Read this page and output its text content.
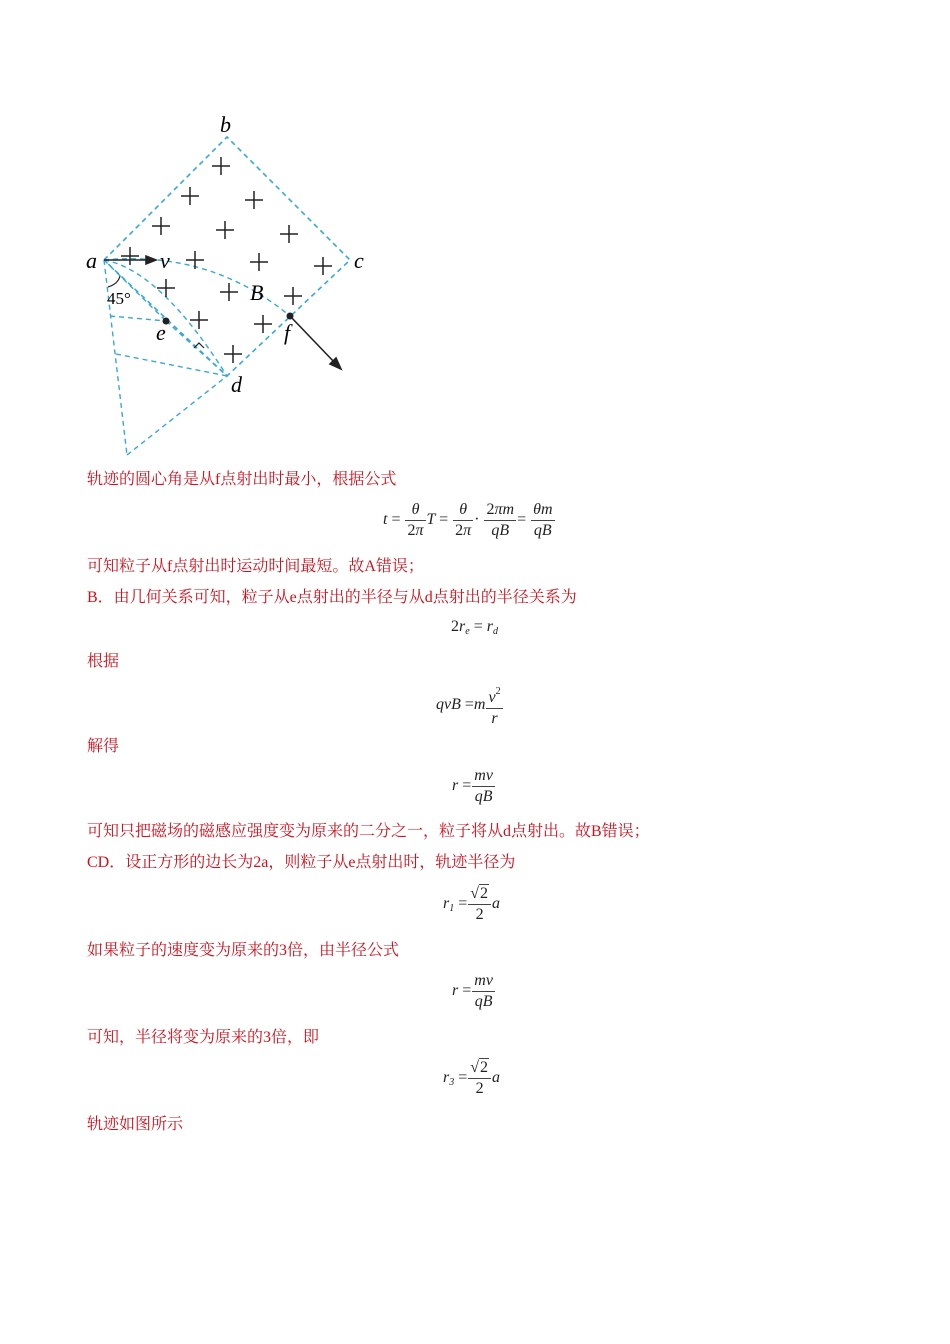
a
b
c
d
e	f
v
B
45°
轨迹的圆心角是从f点射出时最小，根据公式
$t = \frac{\theta}{2\pi}$ $T = \frac{\theta}{2\pi} \cdot \frac{2\pi m}{qB} = \frac{\theta m}{qB}$
可知粒子从f点射出时运动时间最短。故A错误；
B．由几何关系可知，粒子从e点射出的半径与从d点射出的半径关系为
$2r_e = r_d$
根据
qvB $=m \frac{v^2}{r}$
解得
$r = \frac{mv}{qB}$
可知只把磁场的磁感应强度变为原来的二分之一，粒子将从d点射出。故B错误；
CD．设正方形的边长为2a，则粒子从e点射出时，轨迹半径为
$r_1 = \frac{√2}{2}$ a
如果粒子的速度变为原来的3倍，由半径公式
$r = \frac{mv}{qB}$
可知，半径将变为原来的3倍，即
$r_3 = \frac{√2}{2}$ a
轨迹如图所示
